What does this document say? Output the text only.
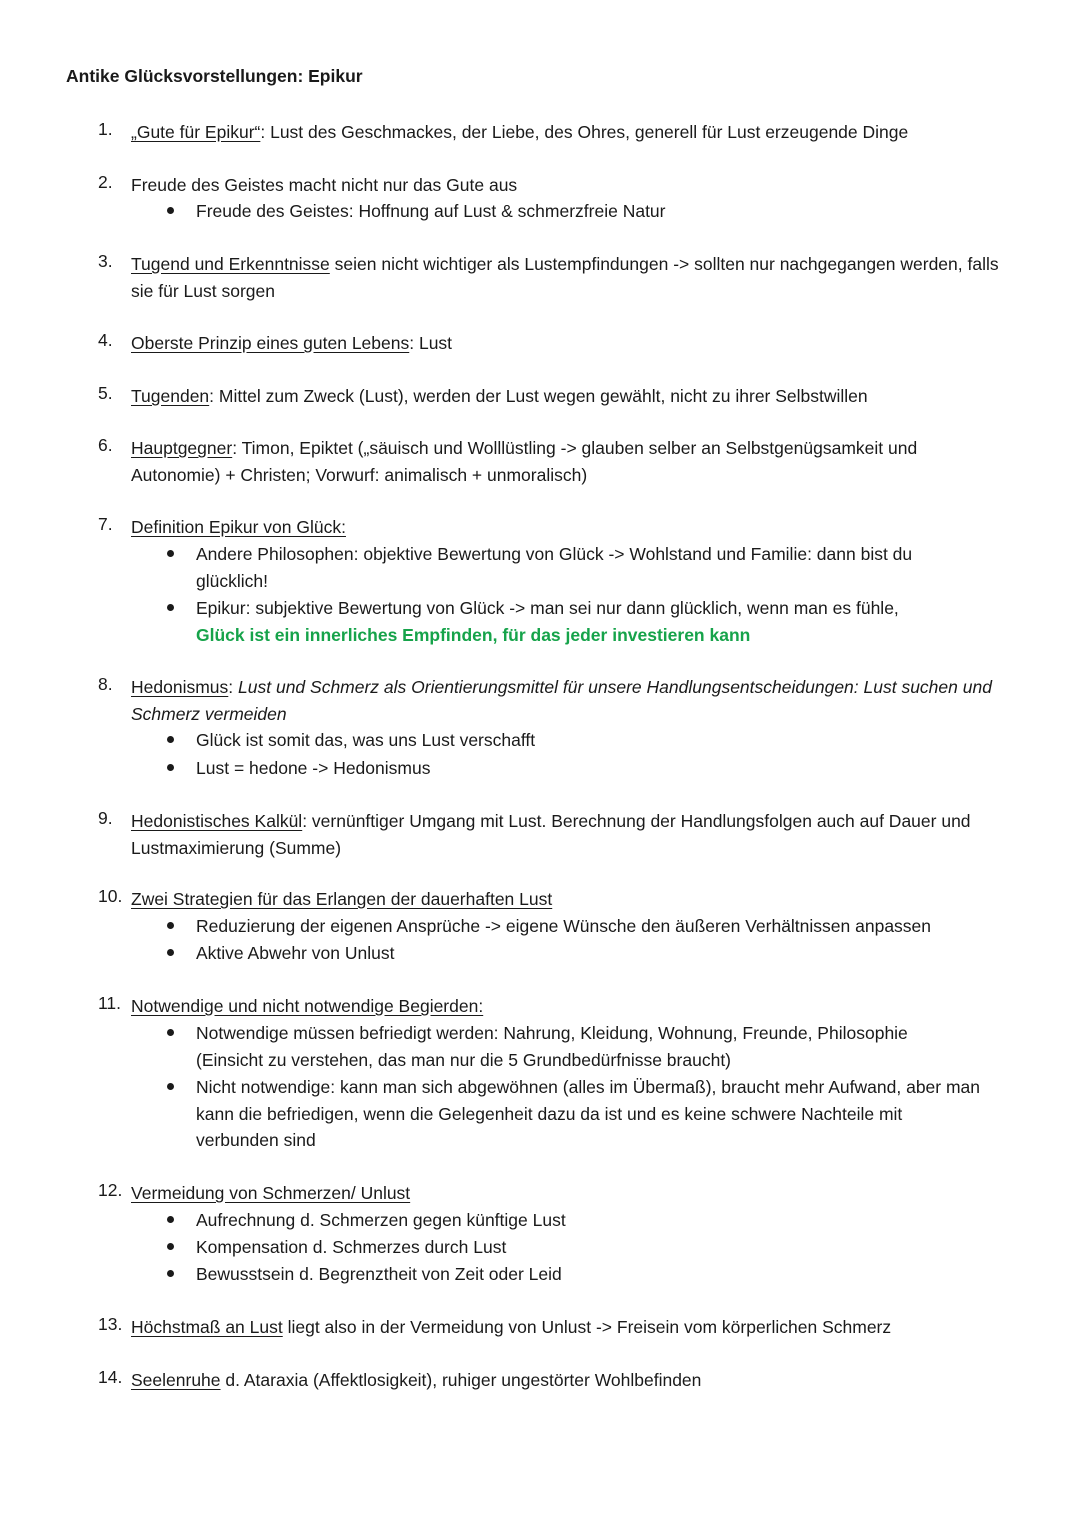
Antike Glücksvorstellungen: Epikur
1. „Gute für Epikur“: Lust des Geschmackes, der Liebe, des Ohres, generell für Lust erzeugende Dinge
2. Freude des Geistes macht nicht nur das Gute aus
Freude des Geistes: Hoffnung auf Lust & schmerzfreie Natur
3. Tugend und Erkenntnisse seien nicht wichtiger als Lustempfindungen -> sollten nur nachgegangen werden, falls sie für Lust sorgen
4. Oberste Prinzip eines guten Lebens: Lust
5. Tugenden: Mittel zum Zweck (Lust), werden der Lust wegen gewählt, nicht zu ihrer Selbstwillen
6. Hauptgegner: Timon, Epiktet („säuisch und Wolllüstling -> glauben selber an Selbstgenügsamkeit und Autonomie) + Christen; Vorwurf: animalisch + unmoralisch)
7. Definition Epikur von Glück:
Andere Philosophen: objektive Bewertung von Glück -> Wohlstand und Familie: dann bist du glücklich!
Epikur: subjektive Bewertung von Glück -> man sei nur dann glücklich, wenn man es fühle,
Glück ist ein innerliches Empfinden, für das jeder investieren kann
8. Hedonismus: Lust und Schmerz als Orientierungsmittel für unsere Handlungsentscheidungen: Lust suchen und Schmerz vermeiden
Glück ist somit das, was uns Lust verschafft
Lust = hedone -> Hedonismus
9. Hedonistisches Kalkül: vernünftiger Umgang mit Lust. Berechnung der Handlungsfolgen auch auf Dauer und Lustmaximierung (Summe)
10. Zwei Strategien für das Erlangen der dauerhaften Lust
Reduzierung der eigenen Ansprüche -> eigene Wünsche den äußeren Verhältnissen anpassen
Aktive Abwehr von Unlust
11. Notwendige und nicht notwendige Begierden:
Notwendige müssen befriedigt werden: Nahrung, Kleidung, Wohnung, Freunde, Philosophie (Einsicht zu verstehen, das man nur die 5 Grundbedürfnisse braucht)
Nicht notwendige: kann man sich abgewöhnen (alles im Übermaß), braucht mehr Aufwand, aber man kann die befriedigen, wenn die Gelegenheit dazu da ist und es keine schwere Nachteile mit verbunden sind
12. Vermeidung von Schmerzen/ Unlust
Aufrechnung d. Schmerzen gegen künftige Lust
Kompensation d. Schmerzes durch Lust
Bewusstsein d. Begrenztheit von Zeit oder Leid
13. Höchstmaß an Lust liegt also in der Vermeidung von Unlust -> Freisein vom körperlichen Schmerz
14. Seelenruhe d. Ataraxia (Affektlosigkeit), ruhiger ungestörter Wohlbefinden
